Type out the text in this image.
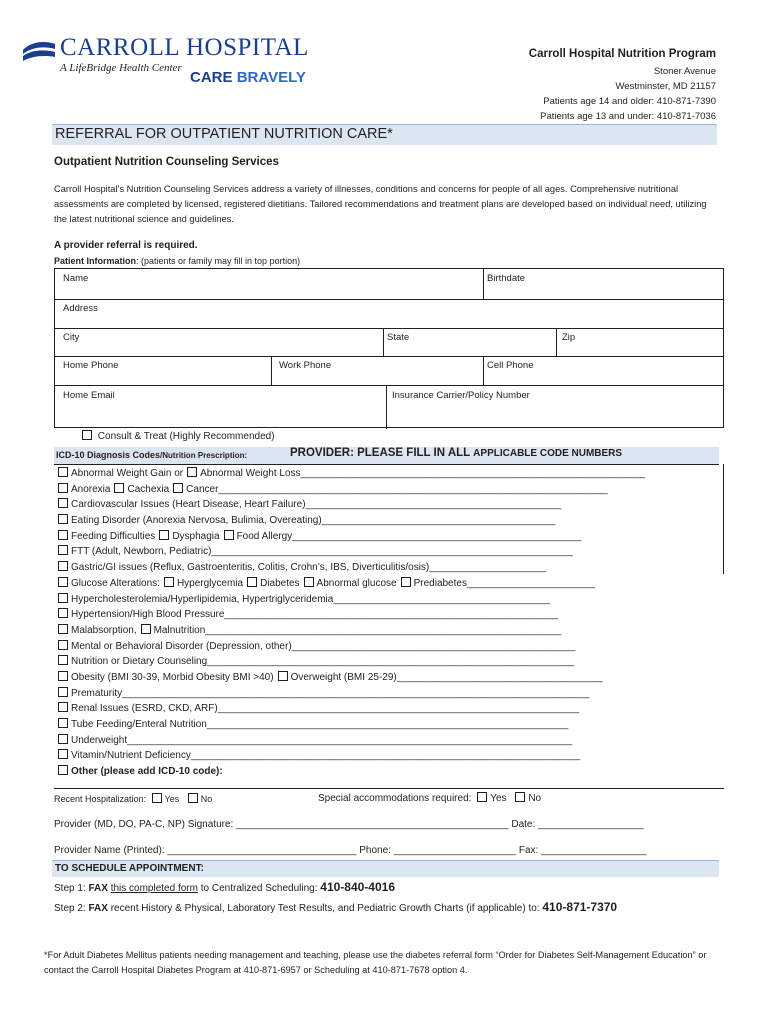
CARROLL HOSPITAL
A LifeBridge Health Center
CARE BRAVELY
Carroll Hospital Nutrition Program
Stoner Avenue
Westminster, MD 21157
Patients age 14 and older: 410-871-7390
Patients age 13 and under: 410-871-7036
REFERRAL FOR OUTPATIENT NUTRITION CARE*
Outpatient Nutrition Counseling Services
Carroll Hospital’s Nutrition Counseling Services address a variety of illnesses, conditions and concerns for people of all ages. Comprehensive nutritional assessments are completed by licensed, registered dietitians. Tailored recommendations and treatment plans are developed based on individual need, utilizing the latest nutritional science and guidelines.
A provider referral is required.
Patient Information: (patients or family may fill in top portion)
Name	Birthdate
Address
City	State	Zip
Home Phone	Work Phone	Cell Phone
Home Email	Insurance Carrier/Policy Number
Consult & Treat (Highly Recommended)
ICD-10 Diagnosis Codes/Nutrition Prescription:	PROVIDER: PLEASE FILL IN ALL APPLICABLE CODE NUMBERS
Abnormal Weight Gain or Abnormal Weight Loss______________________________________________________________
Anorexia Cachexia Cancer______________________________________________________________________
Cardiovascular Issues (Heart Disease, Heart Failure)______________________________________________
Eating Disorder (Anorexia Nervosa, Bulimia, Overeating)__________________________________________
Feeding Difficulties Dysphagia Food Allergy____________________________________________________
FTT (Adult, Newborn, Pediatric)_________________________________________________________________
Gastric/GI issues (Reflux, Gastroenteritis, Colitis, Crohn’s, IBS, Diverticulitis/osis)_____________________
Glucose Alterations: Hyperglycemia Diabetes Abnormal glucose Prediabetes_______________________
Hypercholesterolemia/Hyperlipidemia, Hypertriglyceridemia_______________________________________
Hypertension/High Blood Pressure____________________________________________________________
Malabsorption, Malnutrition________________________________________________________________
Mental or Behavioral Disorder (Depression, other)___________________________________________________
Nutrition or Dietary Counseling__________________________________________________________________
Obesity (BMI 30-39, Morbid Obesity BMI >40) Overweight (BMI 25-29)_____________________________________
Prematurity____________________________________________________________________________________
Renal Issues (ESRD, CKD, ARF)_________________________________________________________________
Tube Feeding/Enteral Nutrition_________________________________________________________________
Underweight________________________________________________________________________________
Vitamin/Nutrient Deficiency______________________________________________________________________
Other (please add ICD-10 code):
Recent Hospitalization: Yes No	Special accommodations required: Yes No
Provider (MD, DO, PA-C, NP) Signature: _________________________________________________ Date: ___________________
Provider Name (Printed): __________________________________ Phone: ______________________ Fax: ___________________
TO SCHEDULE APPOINTMENT:
Step 1: FAX this completed form to Centralized Scheduling: 410-840-4016
Step 2: FAX recent History & Physical, Laboratory Test Results, and Pediatric Growth Charts (if applicable) to: 410-871-7370
*For Adult Diabetes Mellitus patients needing management and teaching, please use the diabetes referral form “Order for Diabetes Self-Management Education” or contact the Carroll Hospital Diabetes Program at 410-871-6957 or Scheduling at 410-871-7678 option 4.
